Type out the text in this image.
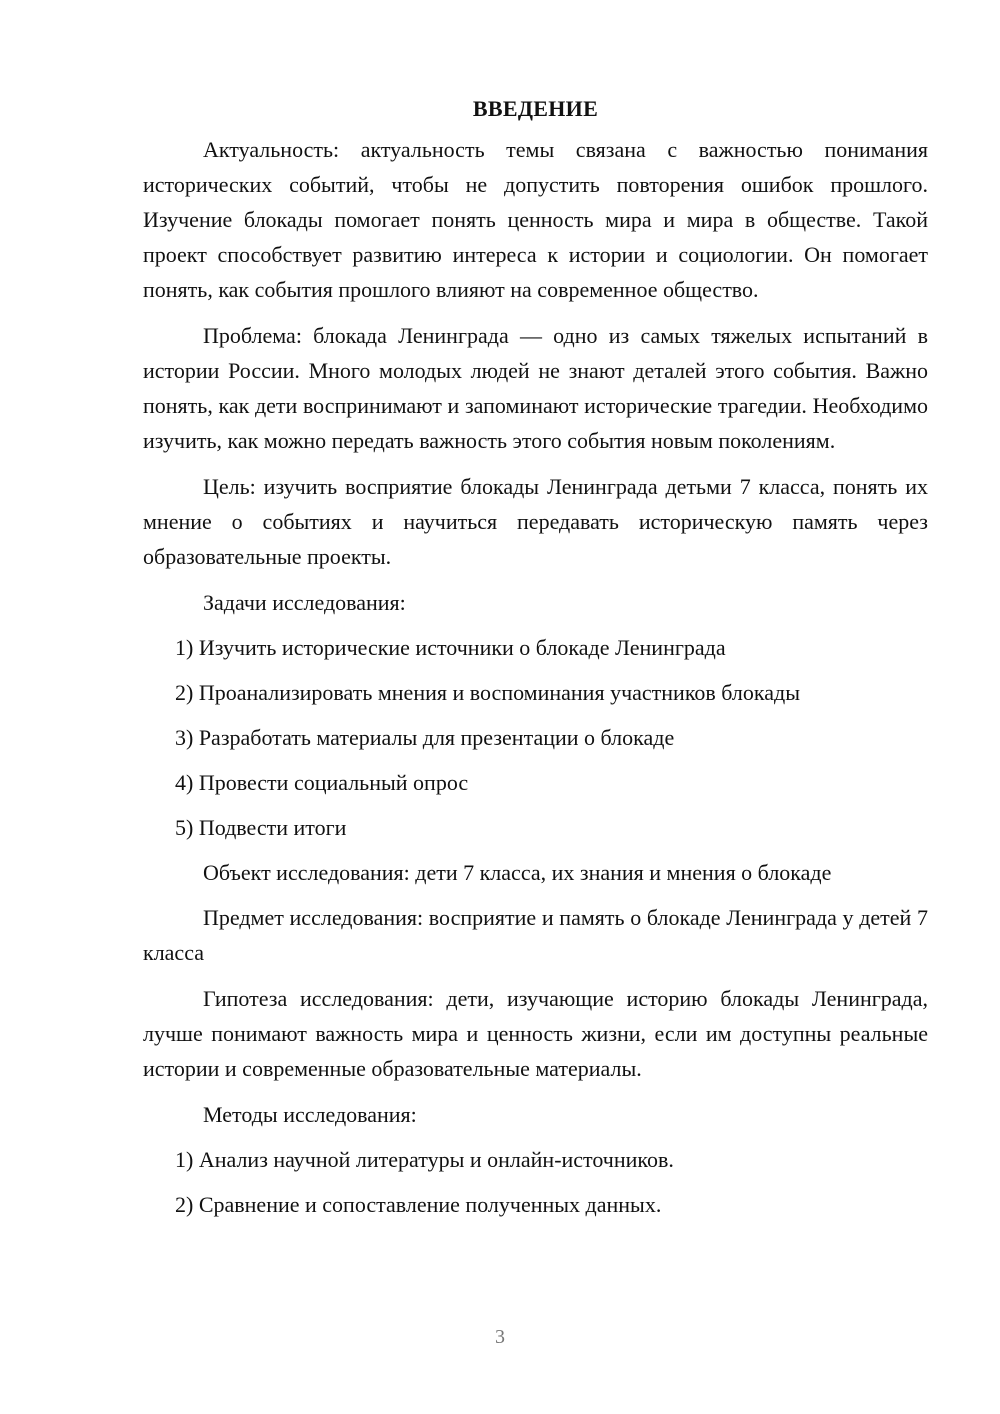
ВВЕДЕНИЕ

Актуальность: актуальность темы связана с важностью понимания исторических событий, чтобы не допустить повторения ошибок прошлого. Изучение блокады помогает понять ценность мира и мира в обществе. Такой проект способствует развитию интереса к истории и социологии. Он помогает понять, как события прошлого влияют на современное общество.

Проблема: блокада Ленинграда — одно из самых тяжелых испытаний в истории России. Много молодых людей не знают деталей этого события. Важно понять, как дети воспринимают и запоминают исторические трагедии. Необходимо изучить, как можно передать важность этого события новым поколениям.

Цель: изучить восприятие блокады Ленинграда детьми 7 класса, понять их мнение о событиях и научиться передавать историческую память через образовательные проекты.

Задачи исследования:
1) Изучить исторические источники о блокаде Ленинграда
2) Проанализировать мнения и воспоминания участников блокады
3) Разработать материалы для презентации о блокаде
4) Провести социальный опрос
5) Подвести итоги
Объект исследования: дети 7 класса, их знания и мнения о блокаде

Предмет исследования: восприятие и память о блокаде Ленинграда у детей 7 класса

Гипотеза исследования: дети, изучающие историю блокады Ленинграда, лучше понимают важность мира и ценность жизни, если им доступны реальные истории и современные образовательные материалы.

Методы исследования:
1) Анализ научной литературы и онлайн-источников.
2) Сравнение и сопоставление полученных данных.
3
